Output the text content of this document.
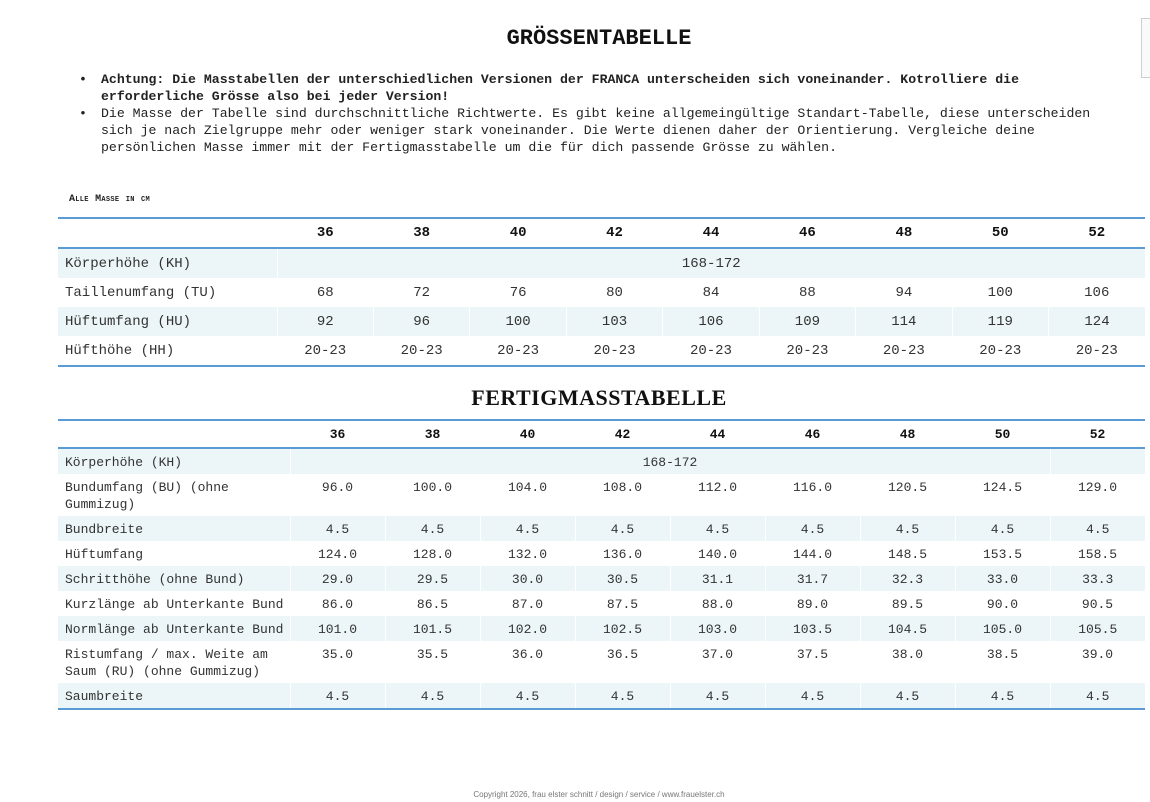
GRÖSSENTABELLE
• Achtung: Die Masstabellen der unterschiedlichen Versionen der FRANCA unterscheiden sich voneinander. Kotrolliere die erforderliche Grösse also bei jeder Version!
• Die Masse der Tabelle sind durchschnittliche Richtwerte. Es gibt keine allgemeingültige Standart-Tabelle, diese unterscheiden sich je nach Zielgruppe mehr oder weniger stark voneinander. Die Werte dienen daher der Orientierung. Vergleiche deine persönlichen Masse immer mit der Fertigmasstabelle um die für dich passende Grösse zu wählen.
Alle Masse in cm
	36	38	40	42	44	46	48	50	52
Körperhöhe (KH)	168-172								
Taillenumfang (TU)	68	72	76	80	84	88	94	100	106
Hüftumfang (HU)	92	96	100	103	106	109	114	119	124
Hüfthöhe (HH)	20-23	20-23	20-23	20-23	20-23	20-23	20-23	20-23	20-23
FERTIGMASSTABELLE
	36	38	40	42	44	46	48	50	52
Körperhöhe (KH)	168-172								
Bundumfang (BU) (ohne Gummizug)	96.0	100.0	104.0	108.0	112.0	116.0	120.5	124.5	129.0
Bundbreite	4.5	4.5	4.5	4.5	4.5	4.5	4.5	4.5	4.5
Hüftumfang	124.0	128.0	132.0	136.0	140.0	144.0	148.5	153.5	158.5
Schritthöhe (ohne Bund)	29.0	29.5	30.0	30.5	31.1	31.7	32.3	33.0	33.3
Kurzlänge ab Unterkante Bund	86.0	86.5	87.0	87.5	88.0	89.0	89.5	90.0	90.5
Normlänge ab Unterkante Bund	101.0	101.5	102.0	102.5	103.0	103.5	104.5	105.0	105.5
Ristumfang / max. Weite am Saum (RU) (ohne Gummizug)	35.0	35.5	36.0	36.5	37.0	37.5	38.0	38.5	39.0
Saumbreite	4.5	4.5	4.5	4.5	4.5	4.5	4.5	4.5	4.5
Copyright 2026, frau elster schnitt / design / service / www.frauelster.ch
